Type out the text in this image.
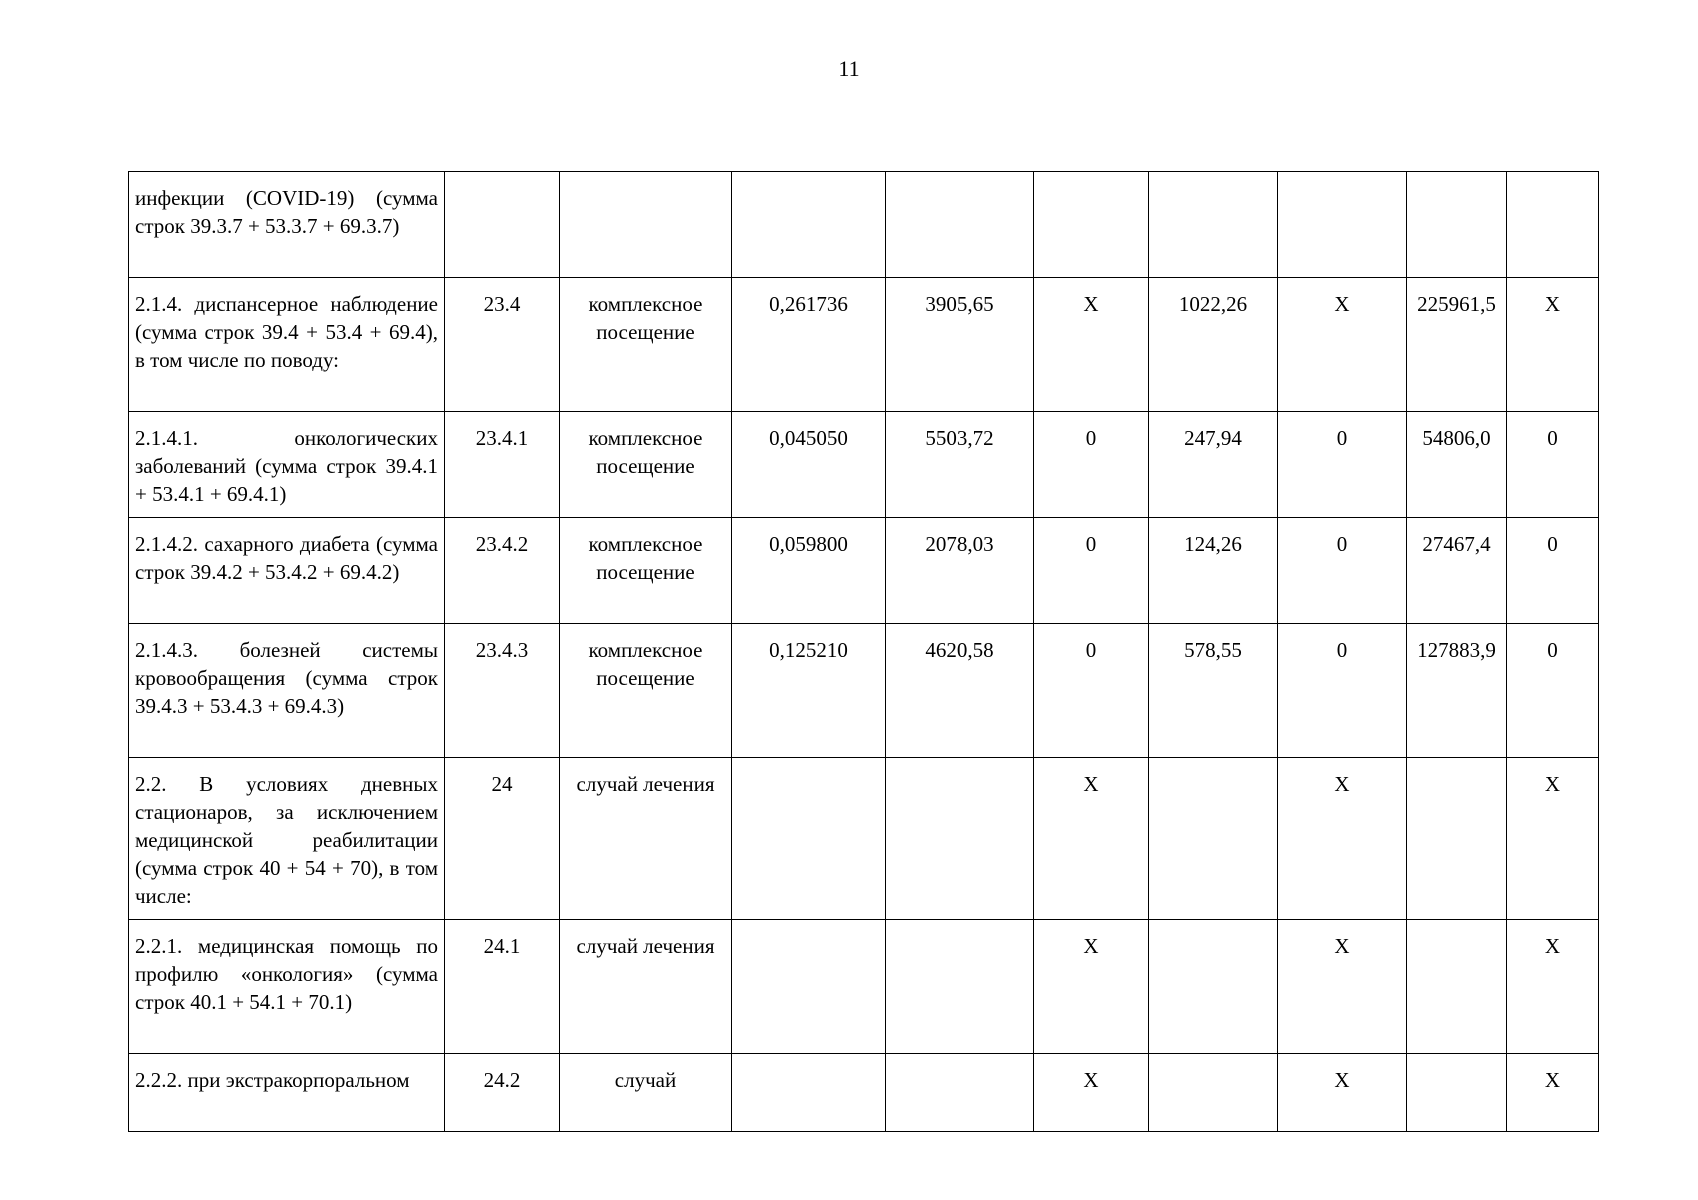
11
инфекции (COVID-19) (сумма строк 39.3.7 + 53.3.7 + 69.3.7)									
2.1.4. диспансерное наблюдение (сумма строк 39.4 + 53.4 + 69.4), в том числе по поводу:	23.4	комплексное посещение	0,261736	3905,65	X	1022,26	X	225961,5	X
2.1.4.1. онкологических заболеваний (сумма строк 39.4.1 + 53.4.1 + 69.4.1)	23.4.1	комплексное посещение	0,045050	5503,72	0	247,94	0	54806,0	0
2.1.4.2. сахарного диабета (сумма строк 39.4.2 + 53.4.2 + 69.4.2)	23.4.2	комплексное посещение	0,059800	2078,03	0	124,26	0	27467,4	0
2.1.4.3. болезней системы кровообращения (сумма строк 39.4.3 + 53.4.3 + 69.4.3)	23.4.3	комплексное посещение	0,125210	4620,58	0	578,55	0	127883,9	0
2.2. В условиях дневных стационаров, за исключением медицинской реабилитации (сумма строк 40 + 54 + 70), в том числе:	24	случай лечения			X		X		X
2.2.1. медицинская помощь по профилю «онкология» (сумма строк 40.1 + 54.1 + 70.1)	24.1	случай лечения			X		X		X
2.2.2. при экстракорпоральном	24.2	случай			X		X		X
